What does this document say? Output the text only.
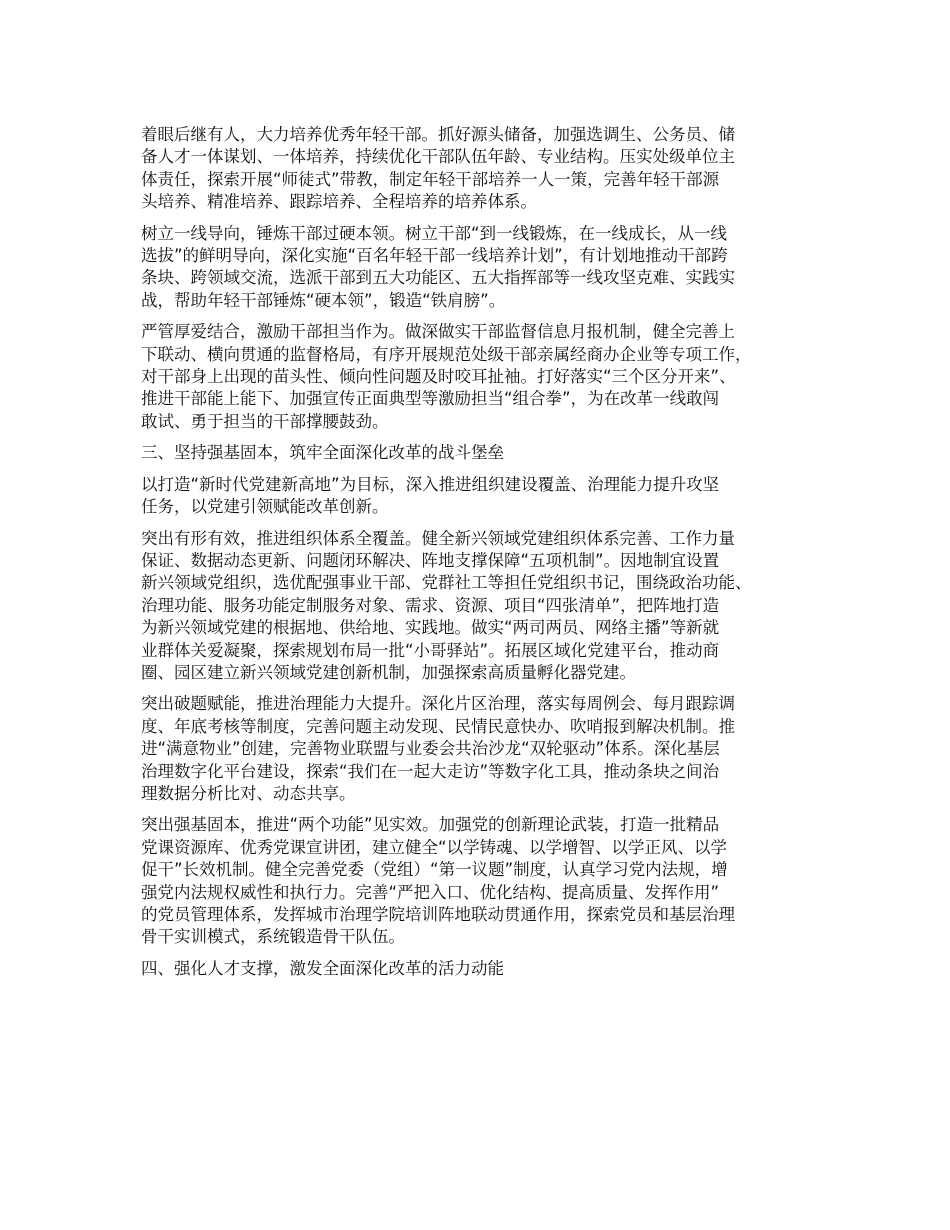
着眼后继有人，大力培养优秀年轻干部。抓好源头储备，加强选调生、公务员、储
备人才一体谋划、一体培养，持续优化干部队伍年龄、专业结构。压实处级单位主
体责任，探索开展“师徒式”带教，制定年轻干部培养一人一策，完善年轻干部源
头培养、精准培养、跟踪培养、全程培养的培养体系。

树立一线导向，锤炼干部过硬本领。树立干部“到一线锻炼，在一线成长，从一线
选拔”的鲜明导向，深化实施“百名年轻干部一线培养计划”，有计划地推动干部跨
条块、跨领域交流，选派干部到五大功能区、五大指挥部等一线攻坚克难、实践实
战，帮助年轻干部锤炼“硬本领”，锻造“铁肩膀”。

严管厚爱结合，激励干部担当作为。做深做实干部监督信息月报机制，健全完善上
下联动、横向贯通的监督格局，有序开展规范处级干部亲属经商办企业等专项工作，
对干部身上出现的苗头性、倾向性问题及时咬耳扯袖。打好落实“三个区分开来”、
推进干部能上能下、加强宣传正面典型等激励担当“组合拳”，为在改革一线敢闯
敢试、勇于担当的干部撑腰鼓劲。

三、坚持强基固本，筑牢全面深化改革的战斗堡垒

以打造“新时代党建新高地”为目标，深入推进组织建设覆盖、治理能力提升攻坚
任务，以党建引领赋能改革创新。

突出有形有效，推进组织体系全覆盖。健全新兴领域党建组织体系完善、工作力量
保证、数据动态更新、问题闭环解决、阵地支撑保障“五项机制”。因地制宜设置
新兴领域党组织，选优配强事业干部、党群社工等担任党组织书记，围绕政治功能、
治理功能、服务功能定制服务对象、需求、资源、项目“四张清单”，把阵地打造
为新兴领域党建的根据地、供给地、实践地。做实“两司两员、网络主播”等新就
业群体关爱凝聚，探索规划布局一批“小哥驿站”。拓展区域化党建平台，推动商
圈、园区建立新兴领域党建创新机制，加强探索高质量孵化器党建。

突出破题赋能，推进治理能力大提升。深化片区治理，落实每周例会、每月跟踪调
度、年底考核等制度，完善问题主动发现、民情民意快办、吹哨报到解决机制。推
进“满意物业”创建，完善物业联盟与业委会共治沙龙“双轮驱动”体系。深化基层
治理数字化平台建设，探索“我们在一起大走访”等数字化工具，推动条块之间治
理数据分析比对、动态共享。

突出强基固本，推进“两个功能”见实效。加强党的创新理论武装，打造一批精品
党课资源库、优秀党课宣讲团，建立健全“以学铸魂、以学增智、以学正风、以学
促干”长效机制。健全完善党委（党组）“第一议题”制度，认真学习党内法规，增
强党内法规权威性和执行力。完善“严把入口、优化结构、提高质量、发挥作用”
的党员管理体系，发挥城市治理学院培训阵地联动贯通作用，探索党员和基层治理
骨干实训模式，系统锻造骨干队伍。

四、强化人才支撑，激发全面深化改革的活力动能
